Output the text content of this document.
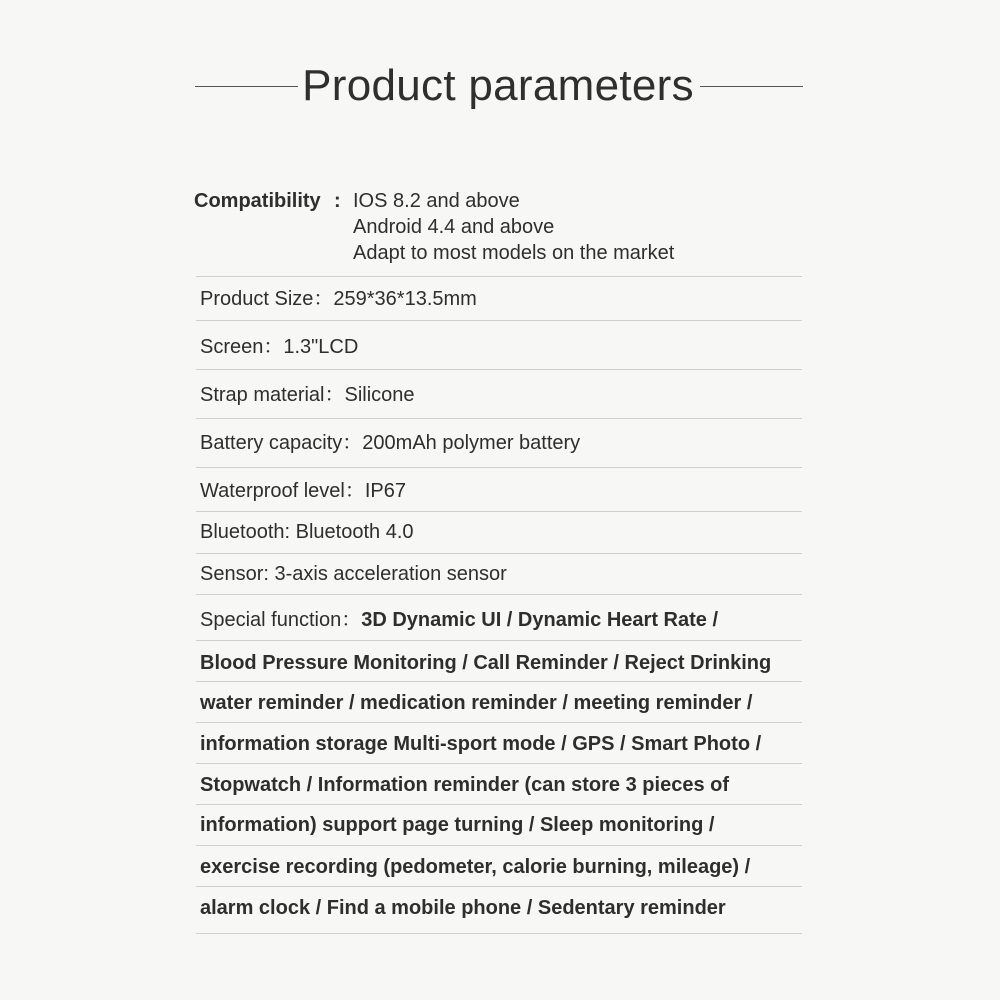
Product parameters
Compatibility : IOS 8.2 and above
Android 4.4 and above
Adapt to most models on the market
Product Size：259*36*13.5mm
Screen：1.3"LCD
Strap material：Silicone
Battery capacity：200mAh polymer battery
Waterproof level：IP67
Bluetooth: Bluetooth 4.0
Sensor: 3-axis acceleration sensor
Special function：3D Dynamic UI / Dynamic Heart Rate /
Blood Pressure Monitoring / Call Reminder / Reject Drinking
water reminder / medication reminder / meeting reminder /
information storage Multi-sport mode / GPS / Smart Photo /
Stopwatch / Information reminder (can store 3 pieces of
information) support page turning / Sleep monitoring /
exercise recording (pedometer, calorie burning, mileage) /
alarm clock / Find a mobile phone / Sedentary reminder
